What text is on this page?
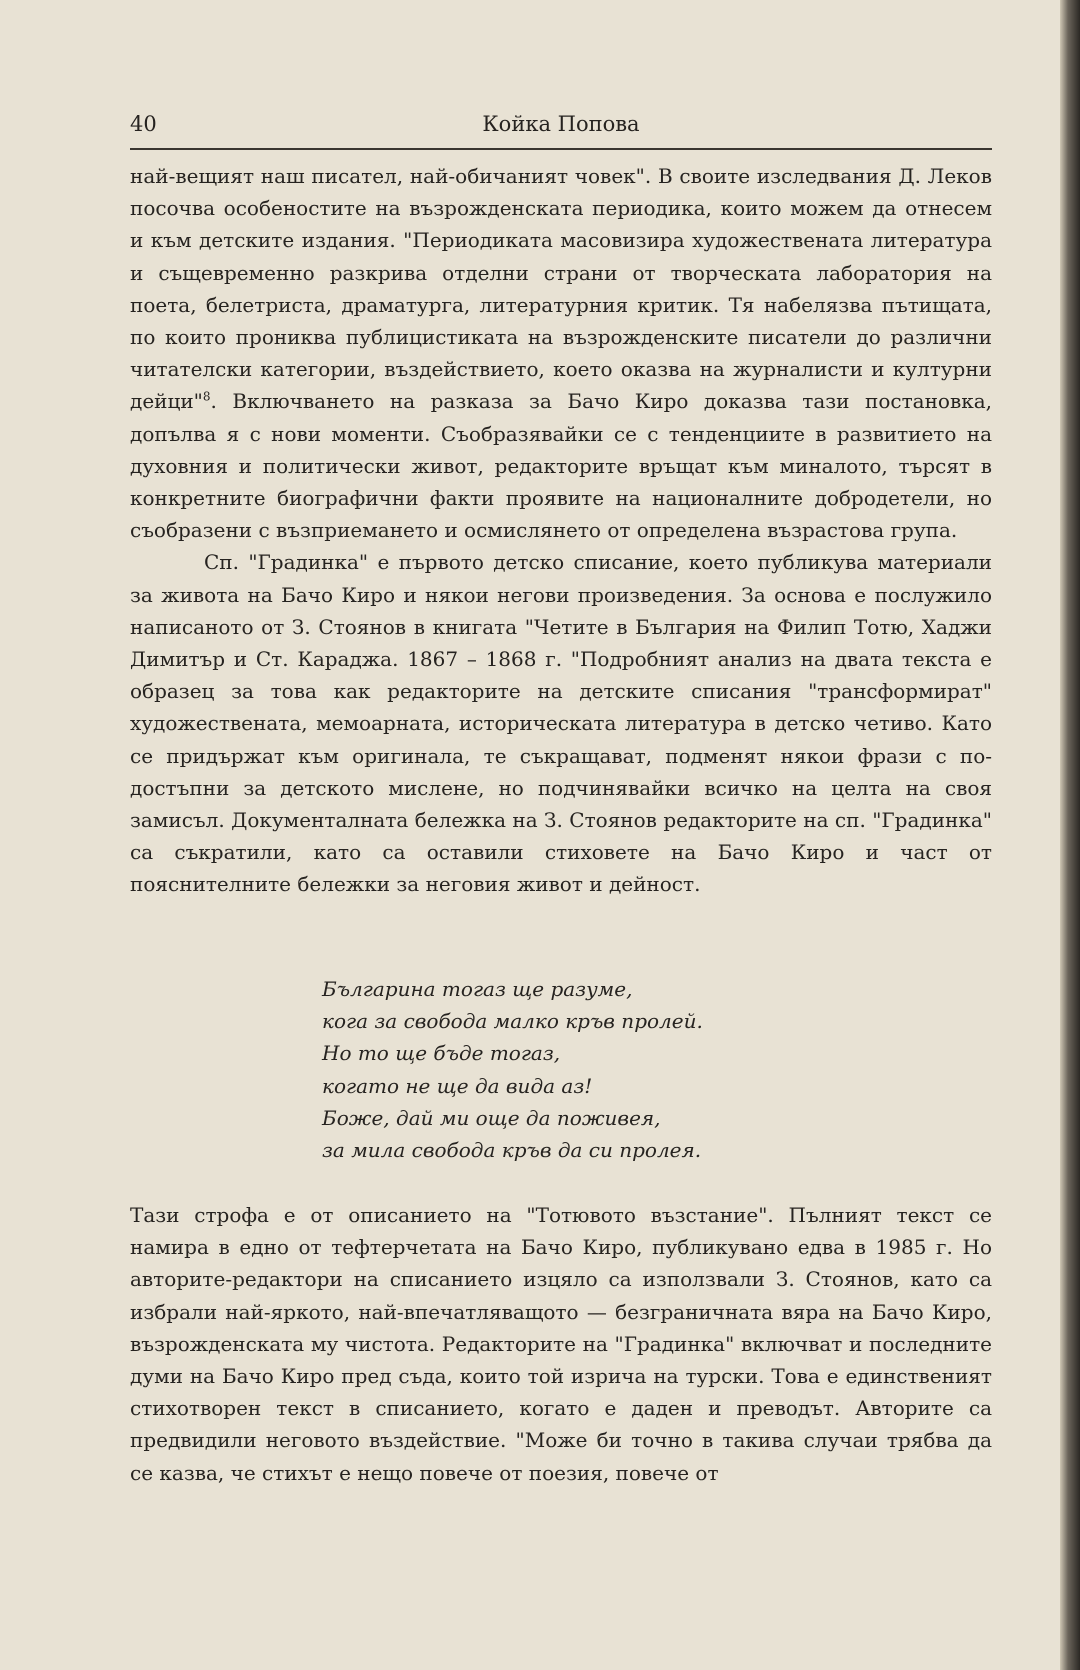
40	Койка Попова

най-вещият наш писател, най-обичаният човек". В своите изследвания Д. Леков посочва особеностите на възрожденската периодика, които можем да отнесем и към детските издания. "Периодиката масовизира художествената литература и същевременно разкрива отделни страни от творческата лаборатория на поета, белетриста, драматурга, литературния критик. Тя набелязва пътищата, по които прониква публицистиката на възрожденските писатели до различни читателски категории, въздействието, което оказва на журналисти и културни дейци"$^8$. Включването на разказа за Бачо Киро доказва тази постановка, допълва я с нови моменти. Съобразявайки се с тенденциите в развитието на духовния и политически живот, редакторите връщат към миналото, търсят в конкретните биографични факти проявите на националните добродетели, но съобразени с възприемането и осмислянето от определена възрастова група.

Сп. "Градинка" е първото детско списание, което публикува материали за живота на Бачо Киро и някои негови произведения. За основа е послужило написаното от З. Стоянов в книгата "Четите в България на Филип Тотю, Хаджи Димитър и Ст. Караджа. 1867 – 1868 г. "Подробният анализ на двата текста е образец за това как редакторите на детските списания "трансформират" художествената, мемоарната, историческата литература в детско четиво. Като се придържат към оригинала, те съкращават, подменят някои фрази с по-достъпни за детското мислене, но подчинявайки всичко на целта на своя замисъл. Документалната бележка на З. Стоянов редакторите на сп. "Градинка" са съкратили, като са оставили стиховете на Бачо Киро и част от пояснителните бележки за неговия живот и дейност.

Българина тогаз ще разуме,
кога за свобода малко кръв пролей.
Но то ще бъде тогаз,
когато не ще да вида аз!
Боже, дай ми още да поживея,
за мила свобода кръв да си пролея.

Тази строфа е от описанието на "Тотювото възстание". Пълният текст се намира в едно от тефтерчетата на Бачо Киро, публикувано едва в 1985 г. Но авторите-редактори на списанието изцяло са използвали З. Стоянов, като са избрали най-яркото, най-впечатляващото — безграничната вяра на Бачо Киро, възрожденската му чистота. Редакторите на "Градинка" включват и последните думи на Бачо Киро пред съда, които той изрича на турски. Това е единственият стихотворен текст в списанието, когато е даден и преводът. Авторите са предвидили неговото въздействие. "Може би точно в такива случаи трябва да се казва, че стихът е нещо повече от поезия, повече от
